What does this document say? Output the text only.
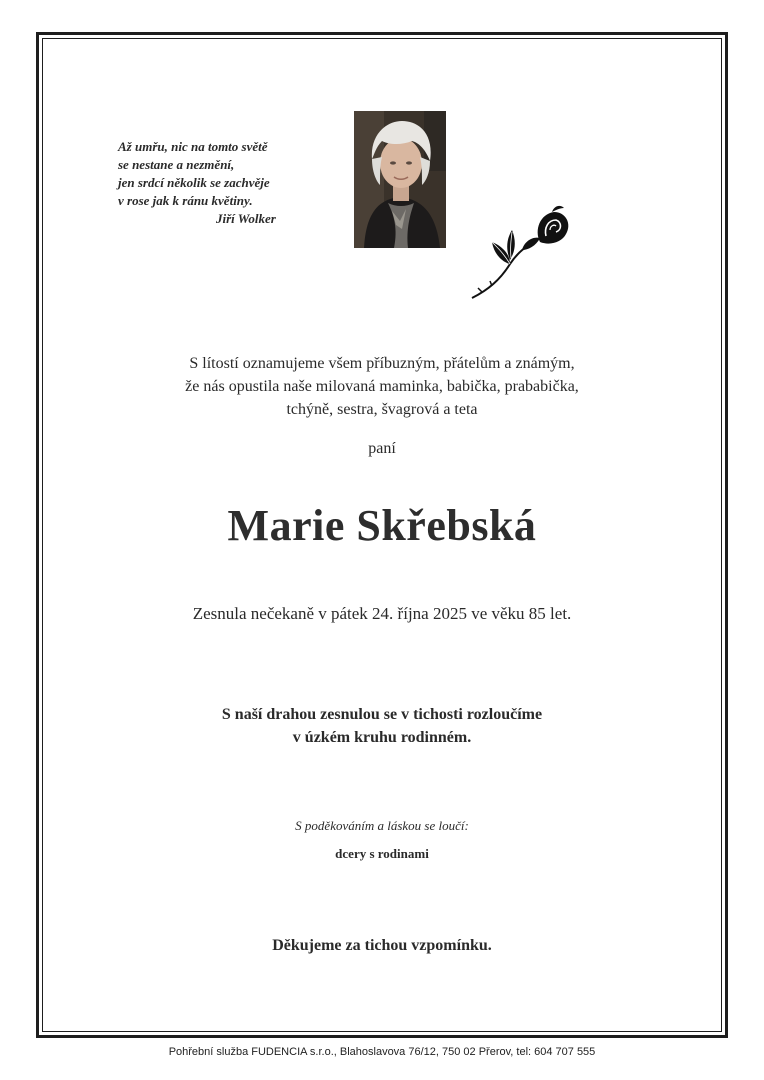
Až umřu, nic na tomto světě
se nestane a nezmění,
jen srdcí několik se zachvěje
v rose jak k ránu květiny.
Jiří Wolker
S lítostí oznamujeme všem příbuzným, přátelům a známým,
že nás opustila naše milovaná maminka, babička, prababička,
tchýně, sestra, švagrová a teta
paní
Marie Skřebská
Zesnula nečekaně v pátek 24. října 2025 ve věku 85 let.
S naší drahou zesnulou se v tichosti rozloučíme
v úzkém kruhu rodinném.
S poděkováním a láskou se loučí:
dcery s rodinami
Děkujeme za tichou vzpomínku.
Pohřební služba FUDENCIA s.r.o., Blahoslavova 76/12, 750 02 Přerov, tel: 604 707 555
